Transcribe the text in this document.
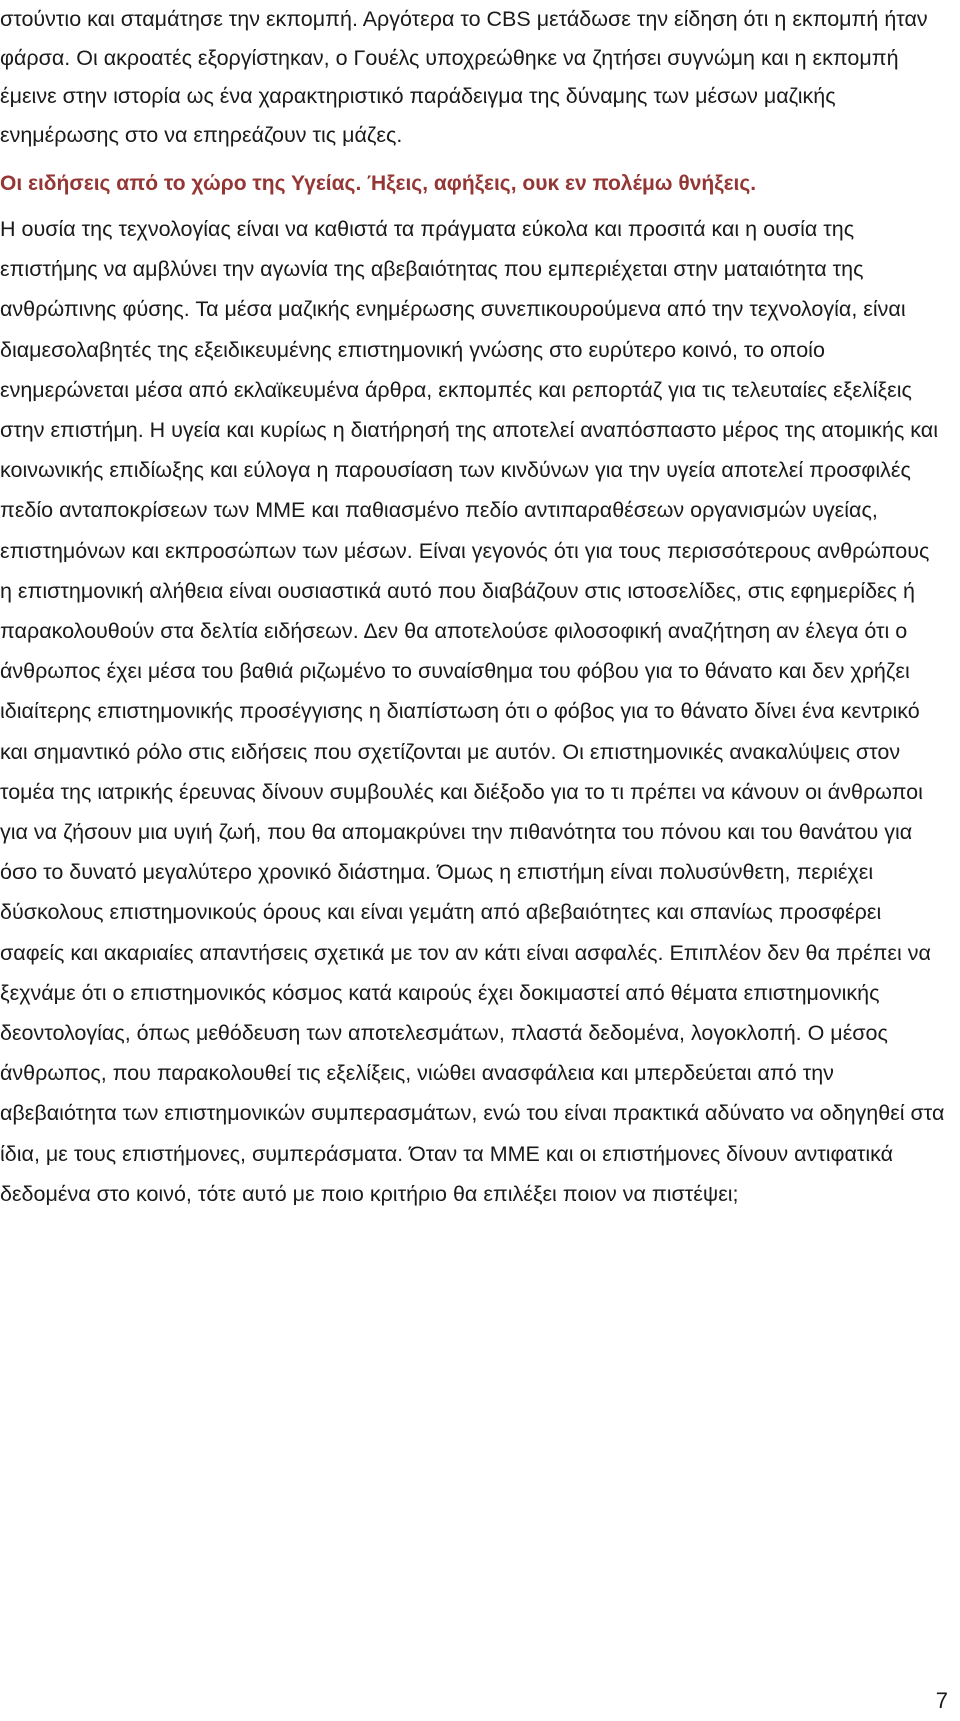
στούντιο και σταμάτησε την εκπομπή. Αργότερα το CBS μετάδωσε την είδηση ότι η εκπομπή ήταν φάρσα. Οι ακροατές εξοργίστηκαν, ο Γουέλς υποχρεώθηκε να ζητήσει συγνώμη και η εκπομπή έμεινε στην ιστορία ως ένα χαρακτηριστικό παράδειγμα της δύναμης των μέσων μαζικής ενημέρωσης στο να επηρεάζουν τις μάζες.

Οι ειδήσεις από το χώρο της Υγείας. Ήξεις, αφήξεις, ουκ εν πολέμω θνήξεις.

Η ουσία της τεχνολογίας είναι να καθιστά τα πράγματα εύκολα και προσιτά και η ουσία της επιστήμης να αμβλύνει την αγωνία της αβεβαιότητας που εμπεριέχεται στην ματαιότητα της ανθρώπινης φύσης. Τα μέσα μαζικής ενημέρωσης συνεπικουρούμενα από την τεχνολογία, είναι διαμεσολαβητές της εξειδικευμένης επιστημονική γνώσης στο ευρύτερο κοινό, το οποίο ενημερώνεται μέσα από εκλαϊκευμένα άρθρα, εκπομπές και ρεπορτάζ για τις τελευταίες εξελίξεις στην επιστήμη. Η υγεία και κυρίως η διατήρησή της αποτελεί αναπόσπαστο μέρος της ατομικής και κοινωνικής επιδίωξης και εύλογα η παρουσίαση των κινδύνων για την υγεία αποτελεί προσφιλές πεδίο ανταποκρίσεων των ΜΜΕ και παθιασμένο πεδίο αντιπαραθέσεων οργανισμών υγείας, επιστημόνων και εκπροσώπων των μέσων. Είναι γεγονός ότι για τους περισσότερους ανθρώπους η επιστημονική αλήθεια είναι ουσιαστικά αυτό που διαβάζουν στις ιστοσελίδες, στις εφημερίδες ή παρακολουθούν στα δελτία ειδήσεων. Δεν θα αποτελούσε φιλοσοφική αναζήτηση αν έλεγα ότι ο άνθρωπος έχει μέσα του βαθιά ριζωμένο το συναίσθημα του φόβου για το θάνατο και δεν χρήζει ιδιαίτερης επιστημονικής προσέγγισης η διαπίστωση ότι ο φόβος για το θάνατο δίνει ένα κεντρικό και σημαντικό ρόλο στις ειδήσεις που σχετίζονται με αυτόν. Οι επιστημονικές ανακαλύψεις στον τομέα της ιατρικής έρευνας δίνουν συμβουλές και διέξοδο για το τι πρέπει να κάνουν οι άνθρωποι για να ζήσουν μια υγιή ζωή, που θα απομακρύνει την πιθανότητα του πόνου και του θανάτου για όσο το δυνατό μεγαλύτερο χρονικό διάστημα. Όμως η επιστήμη είναι πολυσύνθετη, περιέχει δύσκολους επιστημονικούς όρους και είναι γεμάτη από αβεβαιότητες και σπανίως προσφέρει σαφείς και ακαριαίες απαντήσεις σχετικά με τον αν κάτι είναι ασφαλές. Επιπλέον δεν θα πρέπει να ξεχνάμε ότι ο επιστημονικός κόσμος κατά καιρούς έχει δοκιμαστεί από θέματα επιστημονικής δεοντολογίας, όπως μεθόδευση των αποτελεσμάτων, πλαστά δεδομένα, λογοκλοπή. Ο μέσος άνθρωπος, που παρακολουθεί τις εξελίξεις, νιώθει ανασφάλεια και μπερδεύεται από την αβεβαιότητα των επιστημονικών συμπερασμάτων, ενώ του είναι πρακτικά αδύνατο να οδηγηθεί στα ίδια, με τους επιστήμονες, συμπεράσματα. Όταν τα ΜΜΕ και οι επιστήμονες δίνουν αντιφατικά δεδομένα στο κοινό, τότε αυτό με ποιο κριτήριο θα επιλέξει ποιον να πιστέψει;

7
